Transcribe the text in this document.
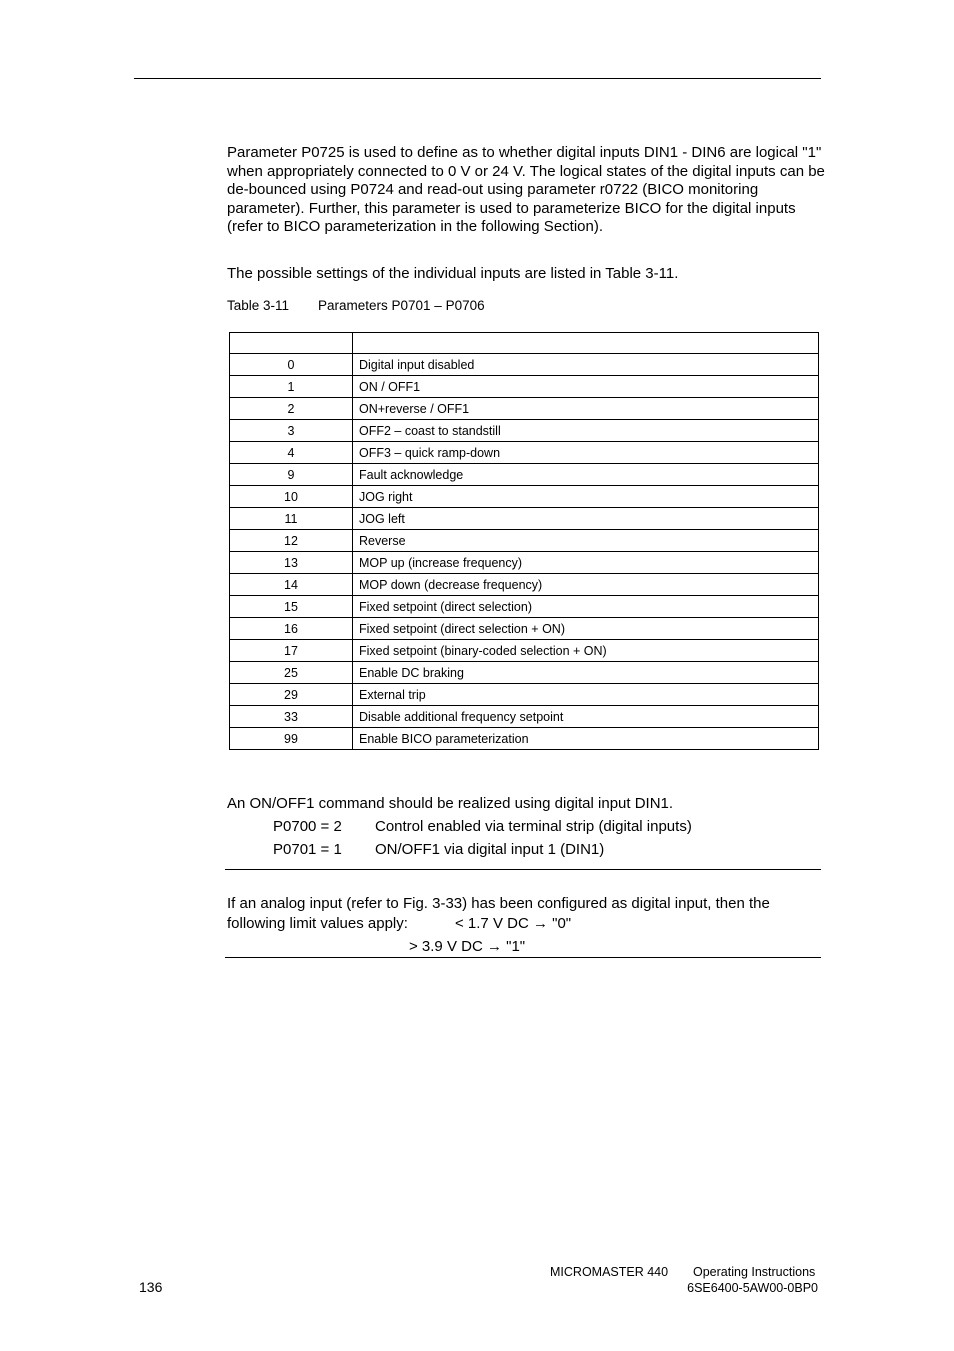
Parameter P0725 is used to define as to whether digital inputs DIN1 - DIN6 are logical "1" when appropriately connected to 0 V or 24 V. The logical states of the digital inputs can be de-bounced using P0724 and read-out using parameter r0722 (BICO monitoring parameter). Further, this parameter is used to parameterize BICO for the digital inputs (refer to BICO parameterization in the following Section).

The possible settings of the individual inputs are listed in Table 3-11.

Table 3-11 Parameters P0701 – P0706

0	Digital input disabled
1	ON / OFF1
2	ON+reverse / OFF1
3	OFF2 – coast to standstill
4	OFF3 – quick ramp-down
9	Fault acknowledge
10	JOG right
11	JOG left
12	Reverse
13	MOP up (increase frequency)
14	MOP down (decrease frequency)
15	Fixed setpoint (direct selection)
16	Fixed setpoint (direct selection + ON)
17	Fixed setpoint (binary-coded selection + ON)
25	Enable DC braking
29	External trip
33	Disable additional frequency setpoint
99	Enable BICO parameterization

An ON/OFF1 command should be realized using digital input DIN1.

P0700 = 2 Control enabled via terminal strip (digital inputs)
P0701 = 1 ON/OFF1 via digital input 1 (DIN1)
If an analog input (refer to Fig. 3-33) has been configured as digital input, then the
following limit values apply:	< 1.7 V DC → "0"
> 3.9 V DC → "1"
136
MICROMASTER 440 Operating Instructions
6SE6400-5AW00-0BP0
